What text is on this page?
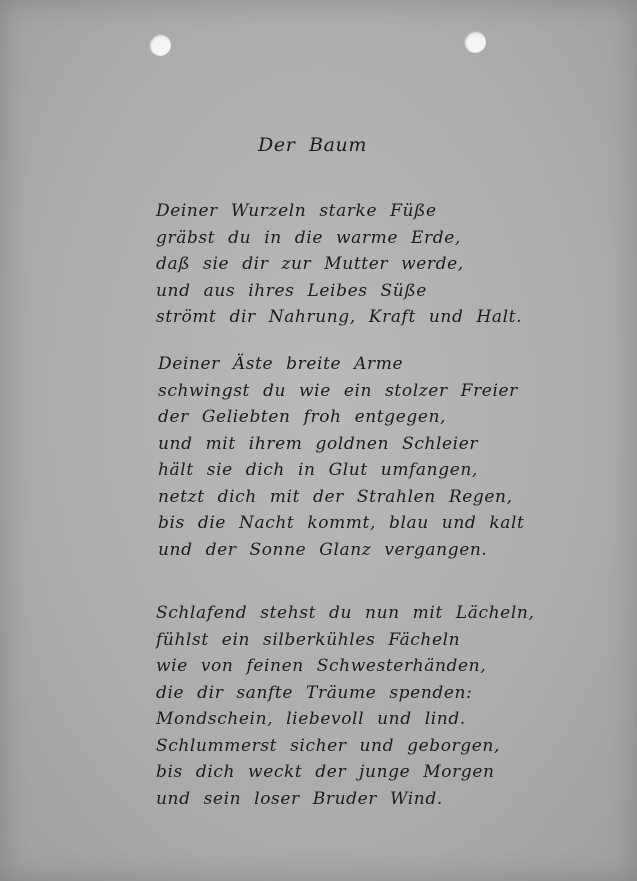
Der Baum
Deiner Wurzeln starke Füße
gräbst du in die warme Erde,
daß sie dir zur Mutter werde,
und aus ihres Leibes Süße
strömt dir Nahrung, Kraft und Halt.
Deiner Äste breite Arme
schwingst du wie ein stolzer Freier
der Geliebten froh entgegen,
und mit ihrem goldnen Schleier
hält sie dich in Glut umfangen,
netzt dich mit der Strahlen Regen,
bis die Nacht kommt, blau und kalt
und der Sonne Glanz vergangen.
Schlafend stehst du nun mit Lächeln,
fühlst ein silberkühles Fächeln
wie von feinen Schwesterhänden,
die dir sanfte Träume spenden:
Mondschein, liebevoll und lind.
Schlummerst sicher und geborgen,
bis dich weckt der junge Morgen
und sein loser Bruder Wind.
